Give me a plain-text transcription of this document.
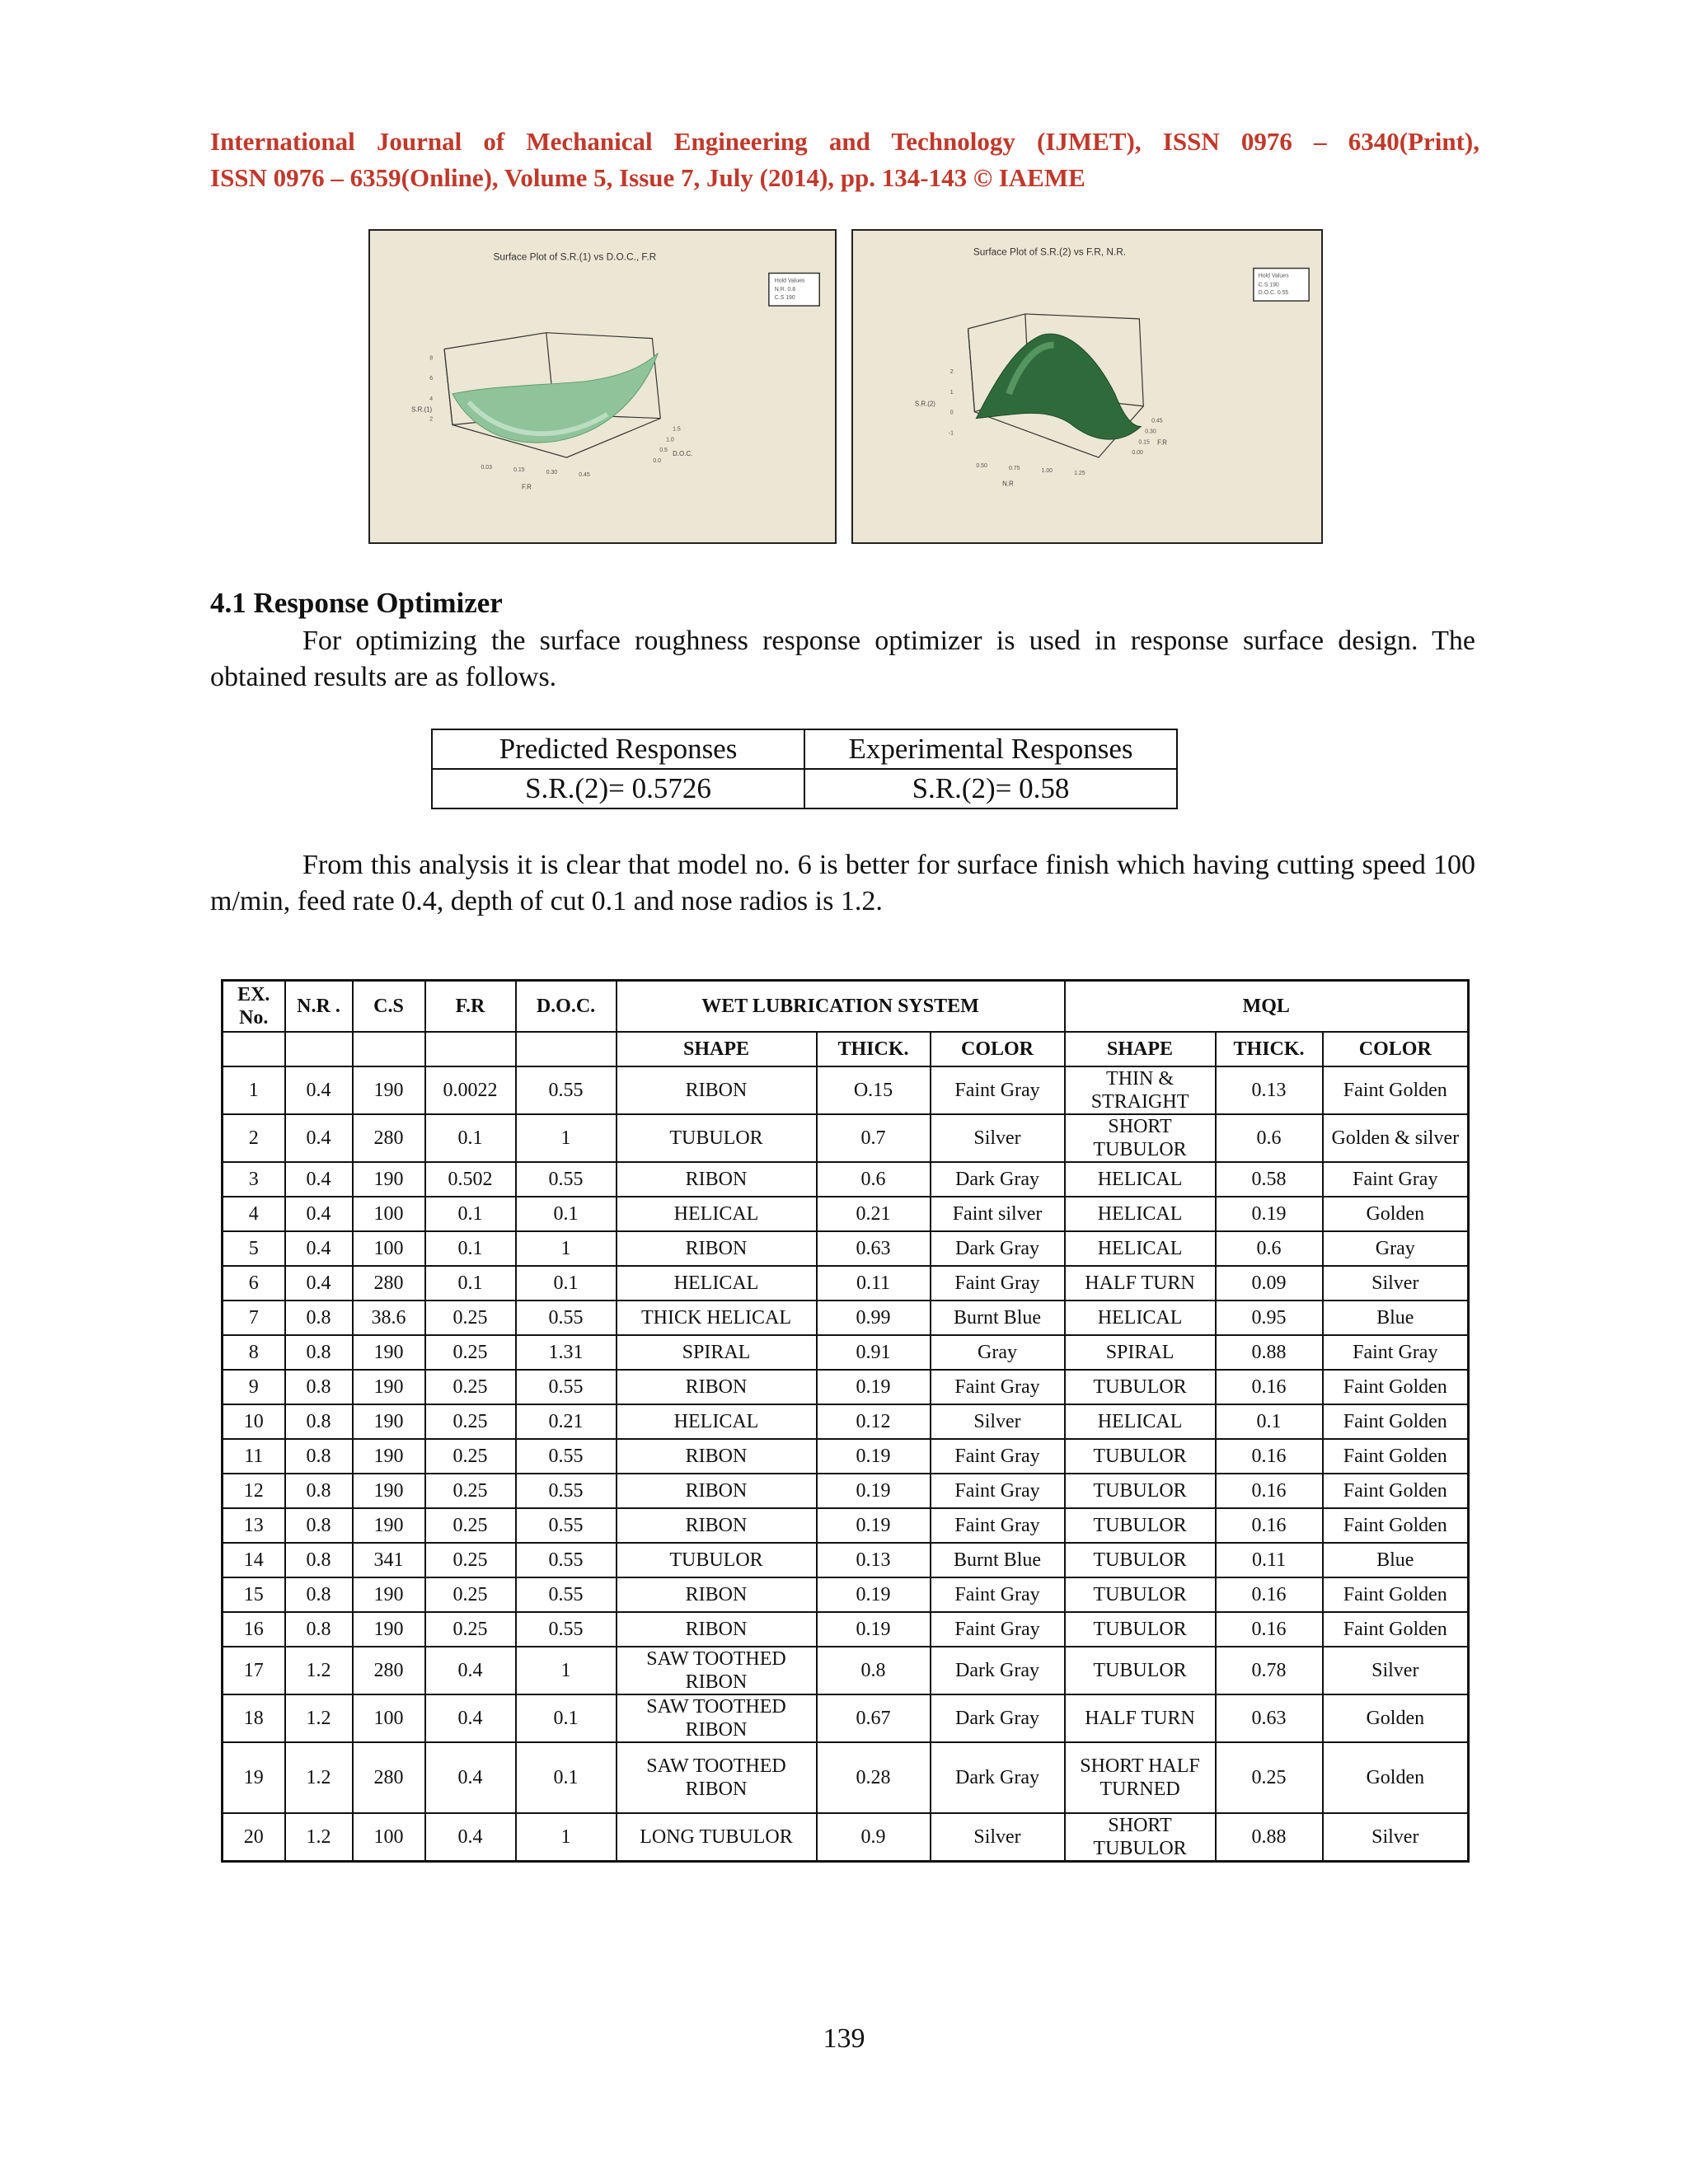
International Journal of Mechanical Engineering and Technology (IJMET), ISSN 0976 – 6340(Print),
ISSN 0976 – 6359(Online), Volume 5, Issue 7, July (2014), pp. 134-143 © IAEME
Surface Plot of S.R.(1) vs D.O.C., F.R
Hold Values
N.R. 0.8
C.S 190
8
6
4
2
S.R.(1)
0.03	0.15	0.30	0.45
F.R
1.5
1.0
0.5
0.0
D.O.C.
Surface Plot of S.R.(2) vs F.R, N.R.
Hold Values
C.S 190
D.O.C. 0.55
2
1
0
-1
S.R.(2)
0.50	0.75	1.00	1.25
N.R
0.45
0.30
0.15
0.00
F.R
4.1 Response Optimizer
For optimizing the surface roughness response optimizer is used in response surface design. The obtained results are as follows.
Predicted Responses	Experimental Responses
S.R.(2)= 0.5726	S.R.(2)= 0.58
From this analysis it is clear that model no. 6 is better for surface finish which having cutting speed 100 m/min, feed rate 0.4, depth of cut 0.1 and nose radios is 1.2.
EX. No.	N.R .	C.S	F.R	D.O.C.	WET LUBRICATION SYSTEM			MQL		
					SHAPE	THICK.	COLOR	SHAPE	THICK.	COLOR
1	0.4	190	0.0022	0.55	RIBON	O.15	Faint Gray	THIN & STRAIGHT	0.13	Faint Golden
2	0.4	280	0.1	1	TUBULOR	0.7	Silver	SHORT TUBULOR	0.6	Golden & silver
3	0.4	190	0.502	0.55	RIBON	0.6	Dark Gray	HELICAL	0.58	Faint Gray
4	0.4	100	0.1	0.1	HELICAL	0.21	Faint silver	HELICAL	0.19	Golden
5	0.4	100	0.1	1	RIBON	0.63	Dark Gray	HELICAL	0.6	Gray
6	0.4	280	0.1	0.1	HELICAL	0.11	Faint Gray	HALF TURN	0.09	Silver
7	0.8	38.6	0.25	0.55	THICK HELICAL	0.99	Burnt Blue	HELICAL	0.95	Blue
8	0.8	190	0.25	1.31	SPIRAL	0.91	Gray	SPIRAL	0.88	Faint Gray
9	0.8	190	0.25	0.55	RIBON	0.19	Faint Gray	TUBULOR	0.16	Faint Golden
10	0.8	190	0.25	0.21	HELICAL	0.12	Silver	HELICAL	0.1	Faint Golden
11	0.8	190	0.25	0.55	RIBON	0.19	Faint Gray	TUBULOR	0.16	Faint Golden
12	0.8	190	0.25	0.55	RIBON	0.19	Faint Gray	TUBULOR	0.16	Faint Golden
13	0.8	190	0.25	0.55	RIBON	0.19	Faint Gray	TUBULOR	0.16	Faint Golden
14	0.8	341	0.25	0.55	TUBULOR	0.13	Burnt Blue	TUBULOR	0.11	Blue
15	0.8	190	0.25	0.55	RIBON	0.19	Faint Gray	TUBULOR	0.16	Faint Golden
16	0.8	190	0.25	0.55	RIBON	0.19	Faint Gray	TUBULOR	0.16	Faint Golden
17	1.2	280	0.4	1	SAW TOOTHED RIBON	0.8	Dark Gray	TUBULOR	0.78	Silver
18	1.2	100	0.4	0.1	SAW TOOTHED RIBON	0.67	Dark Gray	HALF TURN	0.63	Golden
19	1.2	280	0.4	0.1	SAW TOOTHED RIBON	0.28	Dark Gray	SHORT HALF TURNED	0.25	Golden
20	1.2	100	0.4	1	LONG TUBULOR	0.9	Silver	SHORT TUBULOR	0.88	Silver
139
